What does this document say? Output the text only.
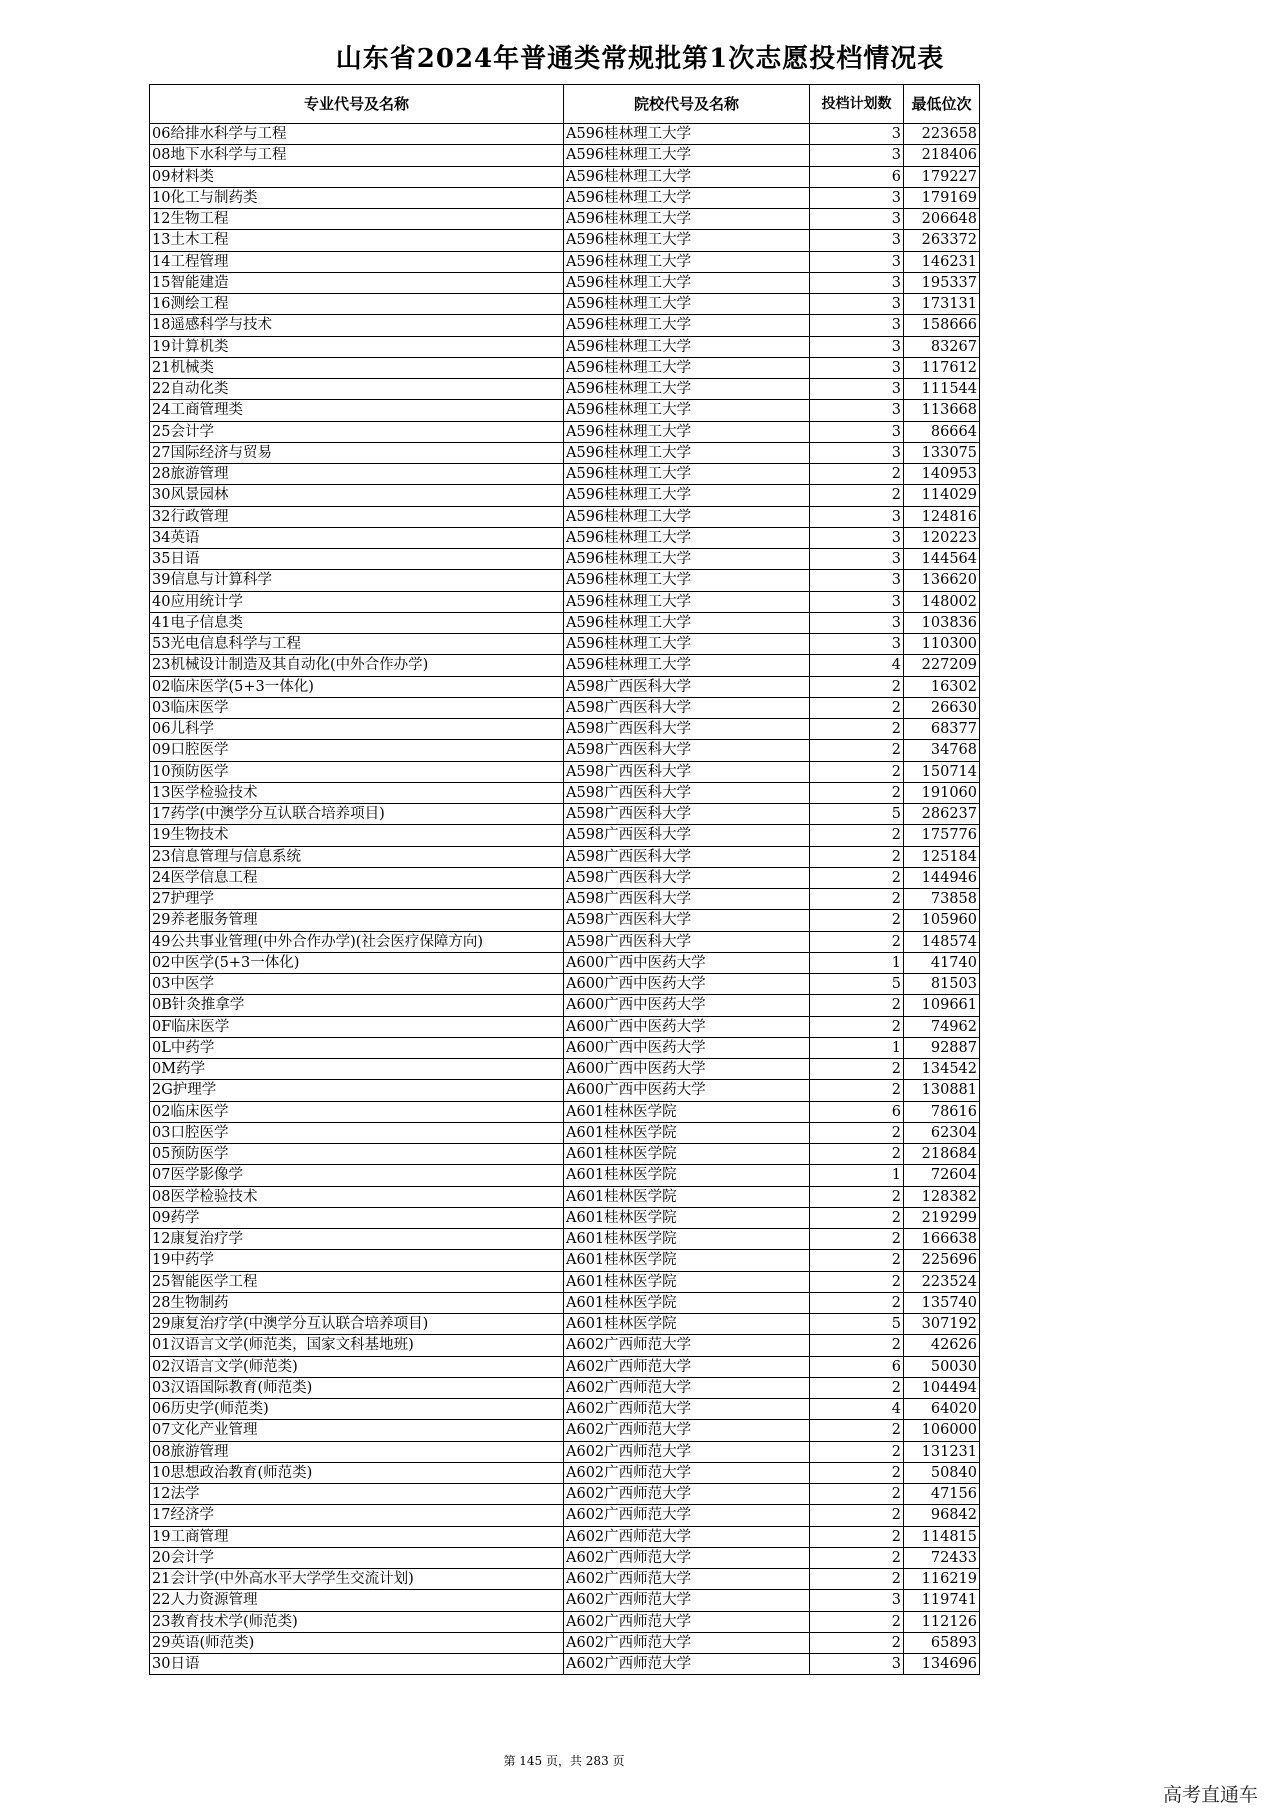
山东省2024年普通类常规批第1次志愿投档情况表
专业代号及名称	院校代号及名称	投档计划数	最低位次
06给排水科学与工程	A596桂林理工大学	3	223658
08地下水科学与工程	A596桂林理工大学	3	218406
09材料类	A596桂林理工大学	6	179227
10化工与制药类	A596桂林理工大学	3	179169
12生物工程	A596桂林理工大学	3	206648
13土木工程	A596桂林理工大学	3	263372
14工程管理	A596桂林理工大学	3	146231
15智能建造	A596桂林理工大学	3	195337
16测绘工程	A596桂林理工大学	3	173131
18遥感科学与技术	A596桂林理工大学	3	158666
19计算机类	A596桂林理工大学	3	83267
21机械类	A596桂林理工大学	3	117612
22自动化类	A596桂林理工大学	3	111544
24工商管理类	A596桂林理工大学	3	113668
25会计学	A596桂林理工大学	3	86664
27国际经济与贸易	A596桂林理工大学	3	133075
28旅游管理	A596桂林理工大学	2	140953
30风景园林	A596桂林理工大学	2	114029
32行政管理	A596桂林理工大学	3	124816
34英语	A596桂林理工大学	3	120223
35日语	A596桂林理工大学	3	144564
39信息与计算科学	A596桂林理工大学	3	136620
40应用统计学	A596桂林理工大学	3	148002
41电子信息类	A596桂林理工大学	3	103836
53光电信息科学与工程	A596桂林理工大学	3	110300
23机械设计制造及其自动化(中外合作办学)	A596桂林理工大学	4	227209
02临床医学(5+3一体化)	A598广西医科大学	2	16302
03临床医学	A598广西医科大学	2	26630
06儿科学	A598广西医科大学	2	68377
09口腔医学	A598广西医科大学	2	34768
10预防医学	A598广西医科大学	2	150714
13医学检验技术	A598广西医科大学	2	191060
17药学(中澳学分互认联合培养项目)	A598广西医科大学	5	286237
19生物技术	A598广西医科大学	2	175776
23信息管理与信息系统	A598广西医科大学	2	125184
24医学信息工程	A598广西医科大学	2	144946
27护理学	A598广西医科大学	2	73858
29养老服务管理	A598广西医科大学	2	105960
49公共事业管理(中外合作办学)(社会医疗保障方向)	A598广西医科大学	2	148574
02中医学(5+3一体化)	A600广西中医药大学	1	41740
03中医学	A600广西中医药大学	5	81503
0B针灸推拿学	A600广西中医药大学	2	109661
0F临床医学	A600广西中医药大学	2	74962
0L中药学	A600广西中医药大学	1	92887
0M药学	A600广西中医药大学	2	134542
2G护理学	A600广西中医药大学	2	130881
02临床医学	A601桂林医学院	6	78616
03口腔医学	A601桂林医学院	2	62304
05预防医学	A601桂林医学院	2	218684
07医学影像学	A601桂林医学院	1	72604
08医学检验技术	A601桂林医学院	2	128382
09药学	A601桂林医学院	2	219299
12康复治疗学	A601桂林医学院	2	166638
19中药学	A601桂林医学院	2	225696
25智能医学工程	A601桂林医学院	2	223524
28生物制药	A601桂林医学院	2	135740
29康复治疗学(中澳学分互认联合培养项目)	A601桂林医学院	5	307192
01汉语言文学(师范类，国家文科基地班)	A602广西师范大学	2	42626
02汉语言文学(师范类)	A602广西师范大学	6	50030
03汉语国际教育(师范类)	A602广西师范大学	2	104494
06历史学(师范类)	A602广西师范大学	4	64020
07文化产业管理	A602广西师范大学	2	106000
08旅游管理	A602广西师范大学	2	131231
10思想政治教育(师范类)	A602广西师范大学	2	50840
12法学	A602广西师范大学	2	47156
17经济学	A602广西师范大学	2	96842
19工商管理	A602广西师范大学	2	114815
20会计学	A602广西师范大学	2	72433
21会计学(中外高水平大学学生交流计划)	A602广西师范大学	2	116219
22人力资源管理	A602广西师范大学	3	119741
23教育技术学(师范类)	A602广西师范大学	2	112126
29英语(师范类)	A602广西师范大学	2	65893
30日语	A602广西师范大学	3	134696
第 145 页，共 283 页
高考直通车
